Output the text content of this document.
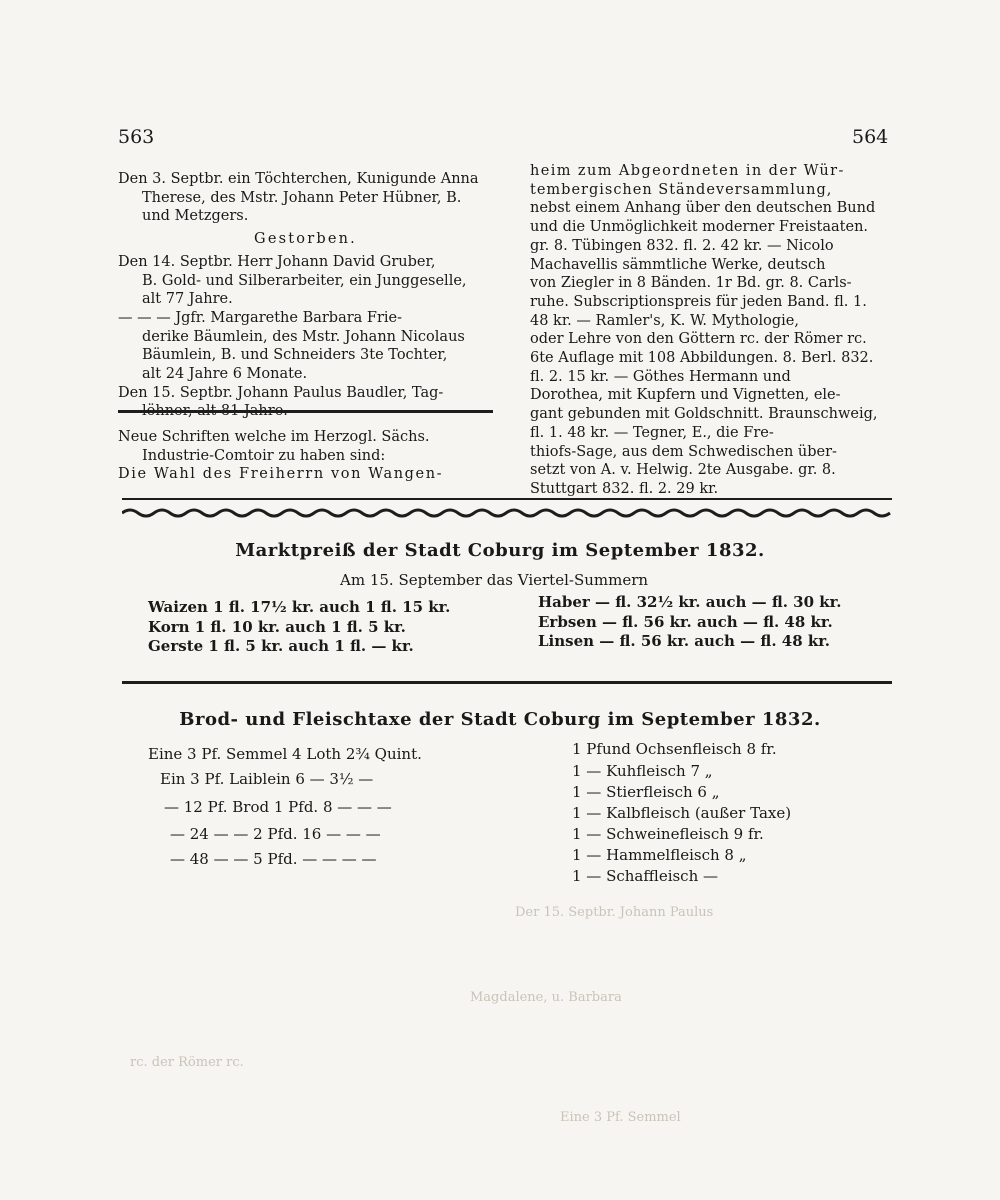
563	564
Den 3. Septbr. ein Töchterchen, Kunigunde Anna
Therese, des Mstr. Johann Peter Hübner, B.
und Metzgers.
Gestorben.
Den 14. Septbr. Herr Johann David Gruber,
B. Gold- und Silberarbeiter, ein Junggeselle,
alt 77 Jahre.
— — — Jgfr. Margarethe Barbara Frie-
derike Bäumlein, des Mstr. Johann Nicolaus
Bäumlein, B. und Schneiders 3te Tochter,
alt 24 Jahre 6 Monate.
Den 15. Septbr. Johann Paulus Baudler, Tag-
Neue Schriften welche im Herzogl. Sächs.
Industrie-Comtoir zu haben sind:
Die Wahl des Freiherrn von Wangen-
heim zum Abgeordneten in der Wür-
tembergischen Ständeversammlung,
nebst einem Anhang über den deutschen Bund
und die Unmöglichkeit moderner Freistaaten.
gr. 8. Tübingen 832. fl. 2. 42 kr. — Nicolo
Machavellis sämmtliche Werke, deutsch
von Ziegler in 8 Bänden. 1r Bd. gr. 8. Carls-
ruhe. Subscriptionspreis für jeden Band. fl. 1.
48 kr. — Ramler's, K. W. Mythologie,
oder Lehre von den Göttern rc. der Römer rc.
6te Auflage mit 108 Abbildungen. 8. Berl. 832.
fl. 2. 15 kr. — Göthes Hermann und
Dorothea, mit Kupfern und Vignetten, ele-
gant gebunden mit Goldschnitt. Braunschweig,
fl. 1. 48 kr. — Tegner, E., die Fre-
thiofs-Sage, aus dem Schwedischen über-
setzt von A. v. Helwig. 2te Ausgabe. gr. 8.
Stuttgart 832. fl. 2. 29 kr.
Marktpreiß der Stadt Coburg im September 1832.
Am 15. September das Viertel-Summern
Waizen 1 fl. 17½ kr. auch 1 fl. 15 kr.
Korn 1 fl. 10 kr. auch 1 fl. 5 kr.
Gerste 1 fl. 5 kr. auch 1 fl. — kr.
Haber — fl. 32½ kr. auch — fl. 30 kr.
Erbsen — fl. 56 kr. auch — fl. 48 kr.
Linsen — fl. 56 kr. auch — fl. 48 kr.
Brod- und Fleischtaxe der Stadt Coburg im September 1832.
Eine 3 Pf. Semmel 4 Loth 2¾ Quint.
Ein 3 Pf. Laiblein 6 — 3½ —
— 12 Pf. Brod 1 Pfd. 8 — — —
— 24 — — 2 Pfd. 16 — — —
— 48 — — 5 Pfd. — — — —
1 Pfund Ochsenfleisch 8 fr.
1 — Kuhfleisch 7 „
1 — Stierfleisch 6 „
1 — Kalbfleisch (außer Taxe)
1 — Schweinefleisch 9 fr.
1 — Hammelfleisch 8 „
1 — Schaffleisch —
Der 15. Septbr. Johann Paulus
Magdalene, u. Barbara
rc. der Römer rc.
Eine 3 Pf. Semmel
